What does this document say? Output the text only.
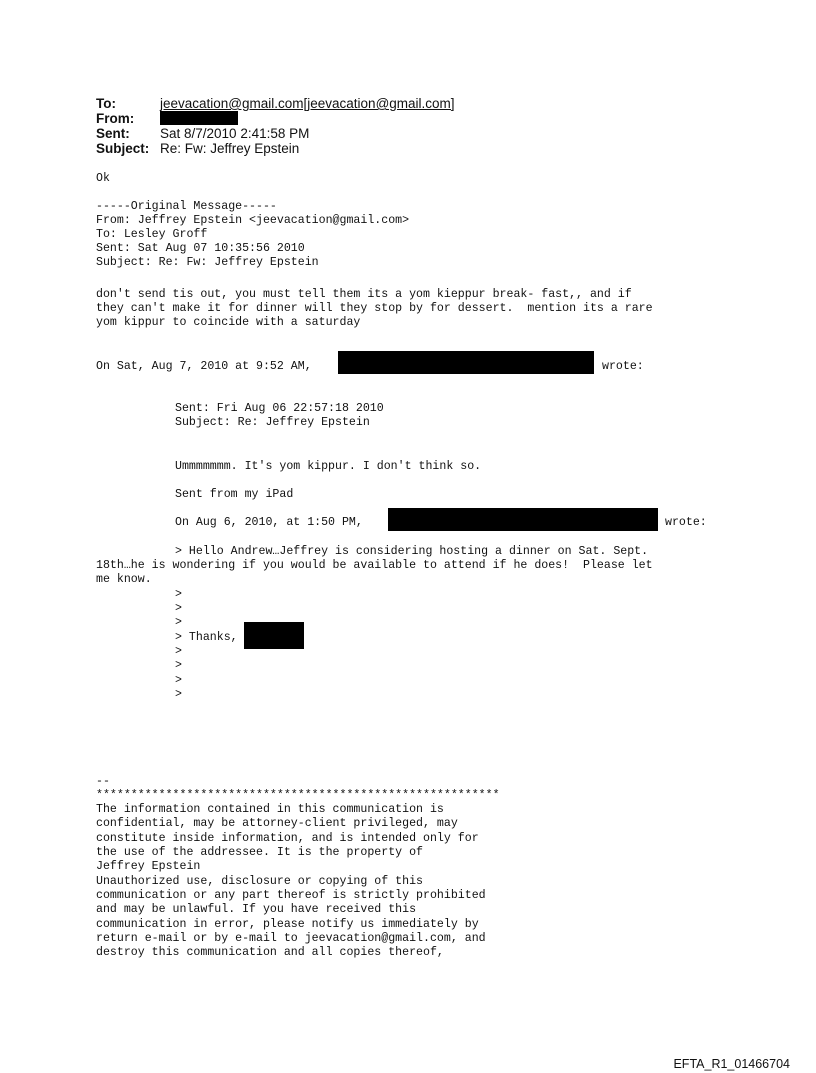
To:	jeevacation@gmail.com[jeevacation@gmail.com]
From:
Sent:	Sat 8/7/2010 2:41:58 PM
Subject: Re: Fw: Jeffrey Epstein
Ok
-----Original Message-----
From: Jeffrey Epstein <jeevacation@gmail.com>
To: Lesley Groff
Sent: Sat Aug 07 10:35:56 2010
Subject: Re: Fw: Jeffrey Epstein
don't send tis out, you must tell them its a yom kieppur break- fast,, and if
they can't make it for dinner will they stop by for dessert.  mention its a rare
yom kippur to coincide with a saturday
On Sat, Aug 7, 2010 at 9:52 AM,	wrote:
Sent: Fri Aug 06 22:57:18 2010
Subject: Re: Jeffrey Epstein
Ummmmmmm. It's yom kippur. I don't think so.
Sent from my iPad
On Aug 6, 2010, at 1:50 PM,	wrote:
> Hello Andrew…Jeffrey is considering hosting a dinner on Sat. Sept.
18th…he is wondering if you would be available to attend if he does!  Please let
me know.
>
>
>
> Thanks,
>
>
>
>
--
**********************************************************
The information contained in this communication is
confidential, may be attorney-client privileged, may
constitute inside information, and is intended only for
the use of the addressee. It is the property of
Jeffrey Epstein
Unauthorized use, disclosure or copying of this
communication or any part thereof is strictly prohibited
and may be unlawful. If you have received this
communication in error, please notify us immediately by
return e-mail or by e-mail to jeevacation@gmail.com, and
destroy this communication and all copies thereof,
EFTA_R1_01466704
